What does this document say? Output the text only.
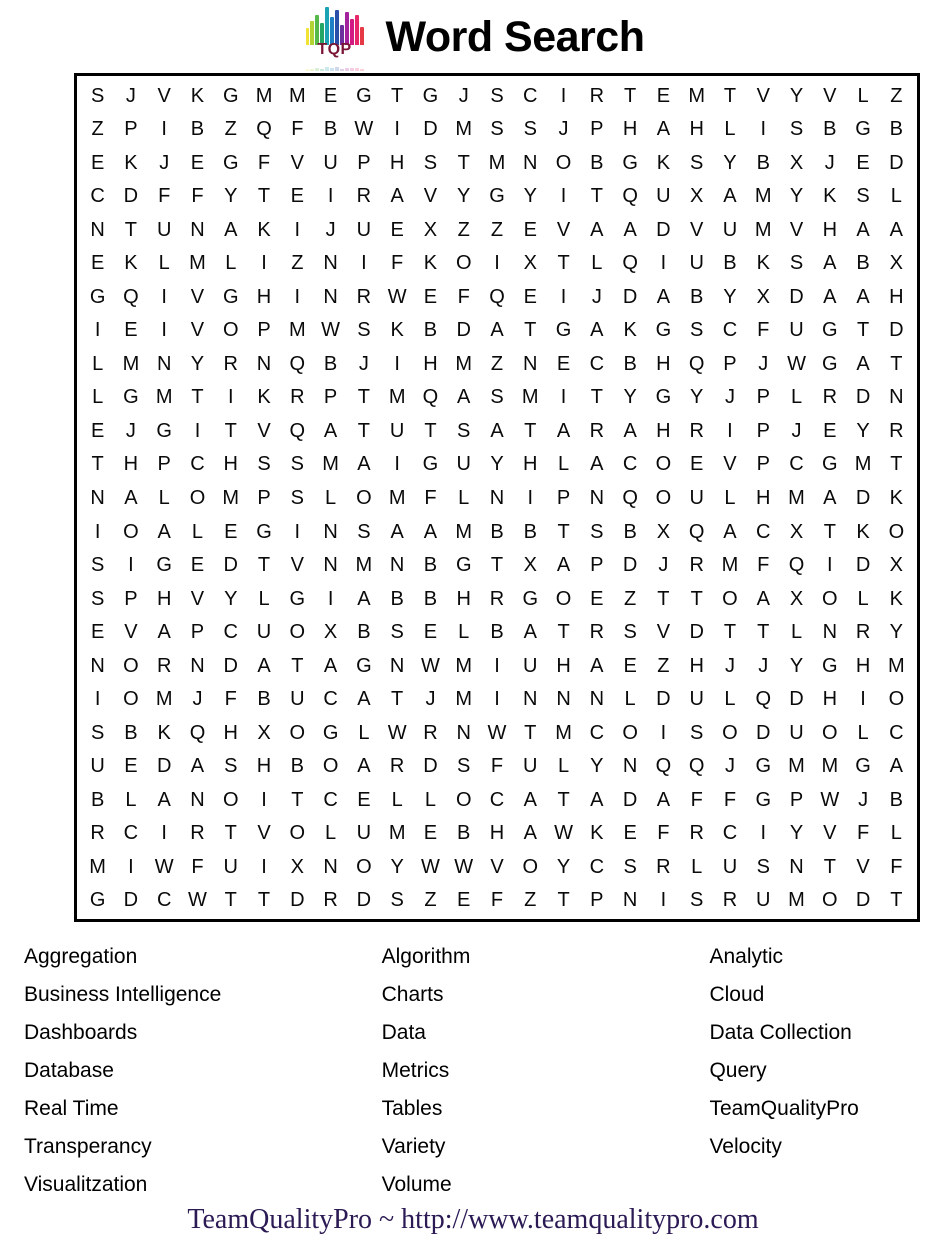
TQP Word Search
S	J	V K G M M E G T G	J	S C	I	R T	E M T	V Y V	L	Z
Z	P	I	B	Z Q F	B W	I	D M S S	J	P H A H	L	I	S B G B
E K	J	E G F	V U P H S	T M N O B G K S Y B X	J	E D
C D F	F	Y	T	E	I	R A V Y G Y	I	T Q U X A M Y K S	L
N T U N A K	I	J	U E X	Z	Z	E V A A D V U M V H A A
E K	L M L	I	Z N	I	F	K O	I	X	T	L Q	I	U B K S A B X
G Q	I	V G H	I	N R W E	F Q E	I	J	D A B Y X D A A H
I	E	I	V O P M W S K B D A	T G A K G S C F U G T D
L M N Y R N Q B	J	I	H M Z N E C B H Q P	J W G A	T
L G M T	I	K R P	T M Q A S M	I	T	Y G Y	J	P	L	R D N
E	J	G	I	T	V Q A	T U T	S A	T	A R A H R	I	P	J	E Y R
T H P C H S S M A	I	G U Y H	L	A C O E V P C G M T
N A	L O M P S	L O M F	L	N	I	P N Q O U	L	H M A D K
I	O A	L	E G	I	N S A A M B B	T	S B X Q A C X	T	K O
S	I	G E D T	V N M N B G T	X A P D	J	R M F Q	I	D X
S P H V Y	L G	I	A B B H R G O E	Z	T	T O A X O L	K
E V A P C U O X B S E	L	B A	T R S V D T	T	L	N R Y
N O R N D A	T	A G N W M	I	U H A E	Z H	J	J	Y G H M
I	O M J	F	B U C A	T	J M	I	N N N	L	D U	L Q D H	I	O
S B K Q H X O G L W R N W T M C O	I	S O D U O L	C
U E D A S H B O A R D S	F U	L	Y N Q Q	J	G M M G A
B	L	A N O	I	T C E	L	L O C A	T	A D A	F	F G P W J	B
R C	I	R T	V O L	U M E B H A W K E	F R C	I	Y V	F	L
M	I	W F U	I	X N O Y W W V O Y C S R	L	U S N T	V	F
G D C W T	T D R D S	Z	E	F	Z	T	P N	I	S R U M O D T
Aggregation
Business Intelligence
Dashboards
Database
Real Time
Transperancy
Visualitzation
Algorithm
Charts
Data
Metrics
Tables
Variety
Volume
Analytic
Cloud
Data Collection
Query
TeamQualityPro
Velocity
TeamQualityPro ~ http://www.teamqualitypro.com
